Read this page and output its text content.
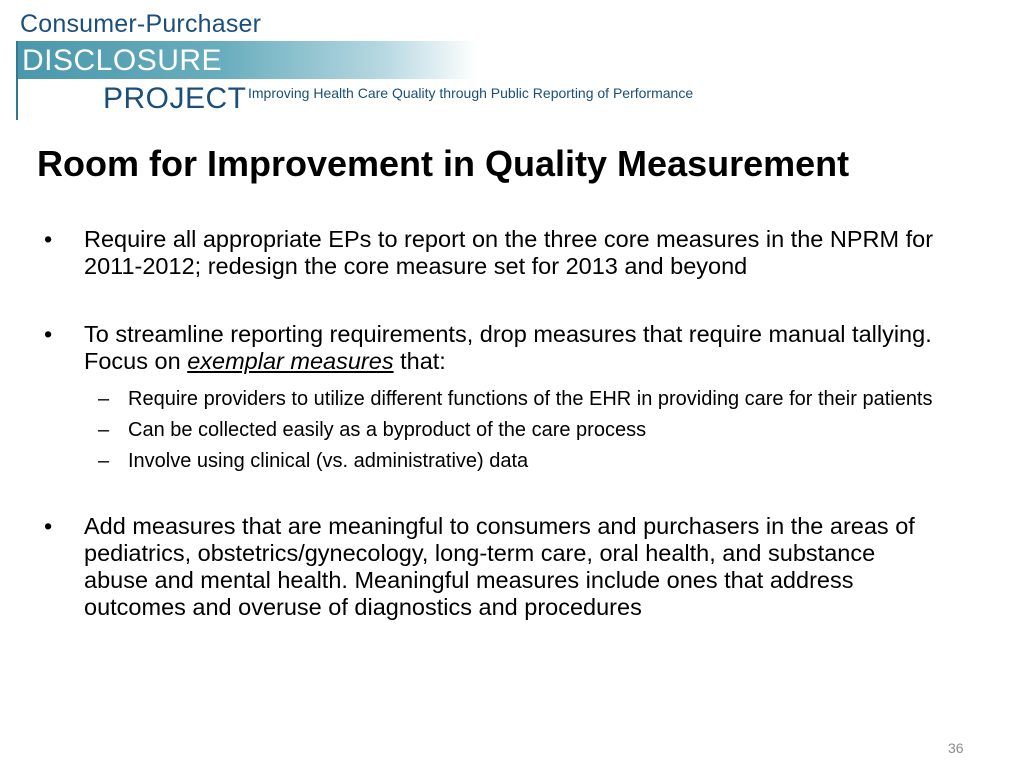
Consumer-Purchaser
DISCLOSURE
PROJECT Improving Health Care Quality through Public Reporting of Performance
Room for Improvement in Quality Measurement
• Require all appropriate EPs to report on the three core measures in the NPRM for 2011-2012; redesign the core measure set for 2013 and beyond
• To streamline reporting requirements, drop measures that require manual tallying. Focus on exemplar measures that:
– Require providers to utilize different functions of the EHR in providing care for their patients
– Can be collected easily as a byproduct of the care process
– Involve using clinical (vs. administrative) data
• Add measures that are meaningful to consumers and purchasers in the areas of pediatrics, obstetrics/gynecology, long-term care, oral health, and substance abuse and mental health. Meaningful measures include ones that address outcomes and overuse of diagnostics and procedures
36
